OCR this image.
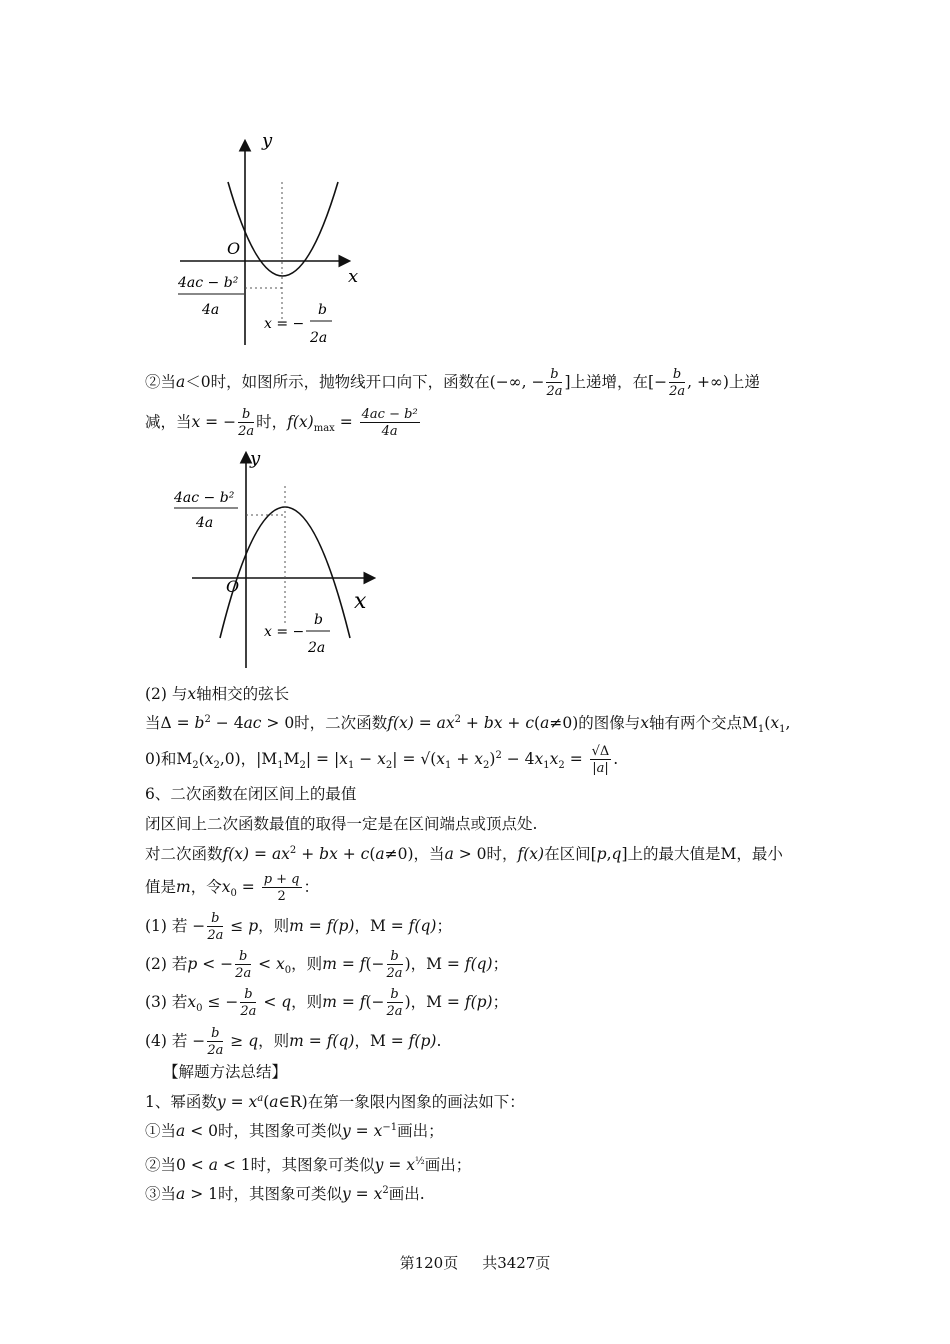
y
x
O
4ac − b²
4a
x = −
b
2a
②当a＜0时，如图所示，抛物线开口向下，函数在(−∞, − $\frac{b}{2a}$ ]上递增，在[− $\frac{b}{2a}$ , +∞)上递
减，当x = − $\frac{b}{2a}$ 时，$f(x)_{max} = \frac{\text{4ac − b²}}{4a}$
y
x
O
4ac − b²
4a
x = −
b
2a
(2) 与x轴相交的弦长
当$\Delta = b^2 - 4ac > 0$时，二次函数$f(x) = ax^2$ + bx + c(a≠0)的图像与x轴有两个交点$M_1(x_1$,
0)和$M_2(x_2,0)$，$|M_1M_2| = |x_1 - x_2| = √(x_1 + x_2)^2 - 4x_1x_2 = \frac{√\Delta}{|a|}$ .
6、二次函数在闭区间上的最值
闭区间上二次函数最值的取得一定是在区间端点或顶点处.
对二次函数$f(x) = ax^2$ + bx + c(a≠0)，当a > 0时，f(x)在区间[p,q]上的最大值是M，最小
值是m，令$x_0 = \frac{p + q}{2}$ ：
(1) 若 − $\frac{b}{2a} \le p$，则m = f(p)，M = f(q)；
(2) 若p < − $\frac{b}{2a} < x_0$，则$m = f(- \frac{b}{2a}$ )，M = f(q)；
(3) 若$x_0$ ≤ − $\frac{b}{2a} < q$，则$m = f(- \frac{b}{2a}$ )，M = f(p)；
(4) 若 − $\frac{b}{2a} \ge q$，则m = f(q)，M = f(p).
【解题方法总结】
1、幂函数$y = x^a(a\in R)$在第一象限内图象的画法如下：
①当a < 0时，其图象可类似$y = x^{-1}$画出；
②当0 < a < 1时，其图象可类似$y = x^{\frac{1}{2}}$画出；
③当a > 1时，其图象可类似$y = x^2$画出.
第120页 共3427页
